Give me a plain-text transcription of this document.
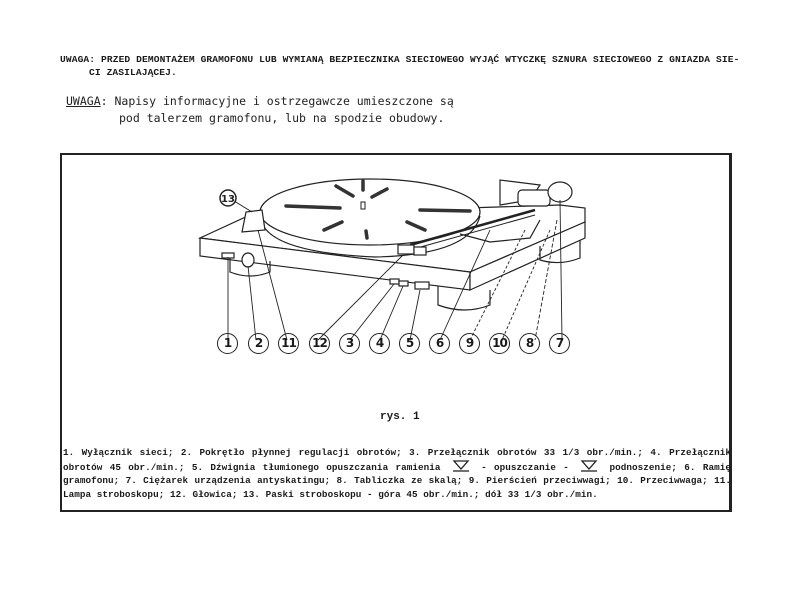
UWAGA: PRZED DEMONTAŻEM GRAMOFONU LUB WYMIANĄ BEZPIECZNIKA SIECIOWEGO WYJĄĆ WTYCZKĘ SZNURA SIECIOWEGO Z GNIAZDA SIE-
CI ZASILAJĄCEJ.
UWAGA: Napisy informacyjne i ostrzegawcze umieszczone są
pod talerzem gramofonu, lub na spodzie obudowy.
13
1	2	11 12	3	4	5	6	9	10	8	7
rys. 1
1. Wyłącznik sieci; 2. Pokrętło płynnej regulacji obrotów; 3. Przełącznik obrotów 33 1/3 obr./min.; 4. Przełącznik obrotów 45 obr./min.; 5. Dźwignia tłumionego opuszczania ramienia	- opuszczanie -	podnoszenie; 6. Ramię gramofonu; 7. Ciężarek urządzenia antyskatingu; 8. Tabliczka ze skalą; 9. Pierścień przeciwwagi; 10. Przeciwwaga; 11. Lampa stroboskopu; 12. Głowica; 13. Paski stroboskopu - góra 45 obr./min.; dół 33 1/3 obr./min.
